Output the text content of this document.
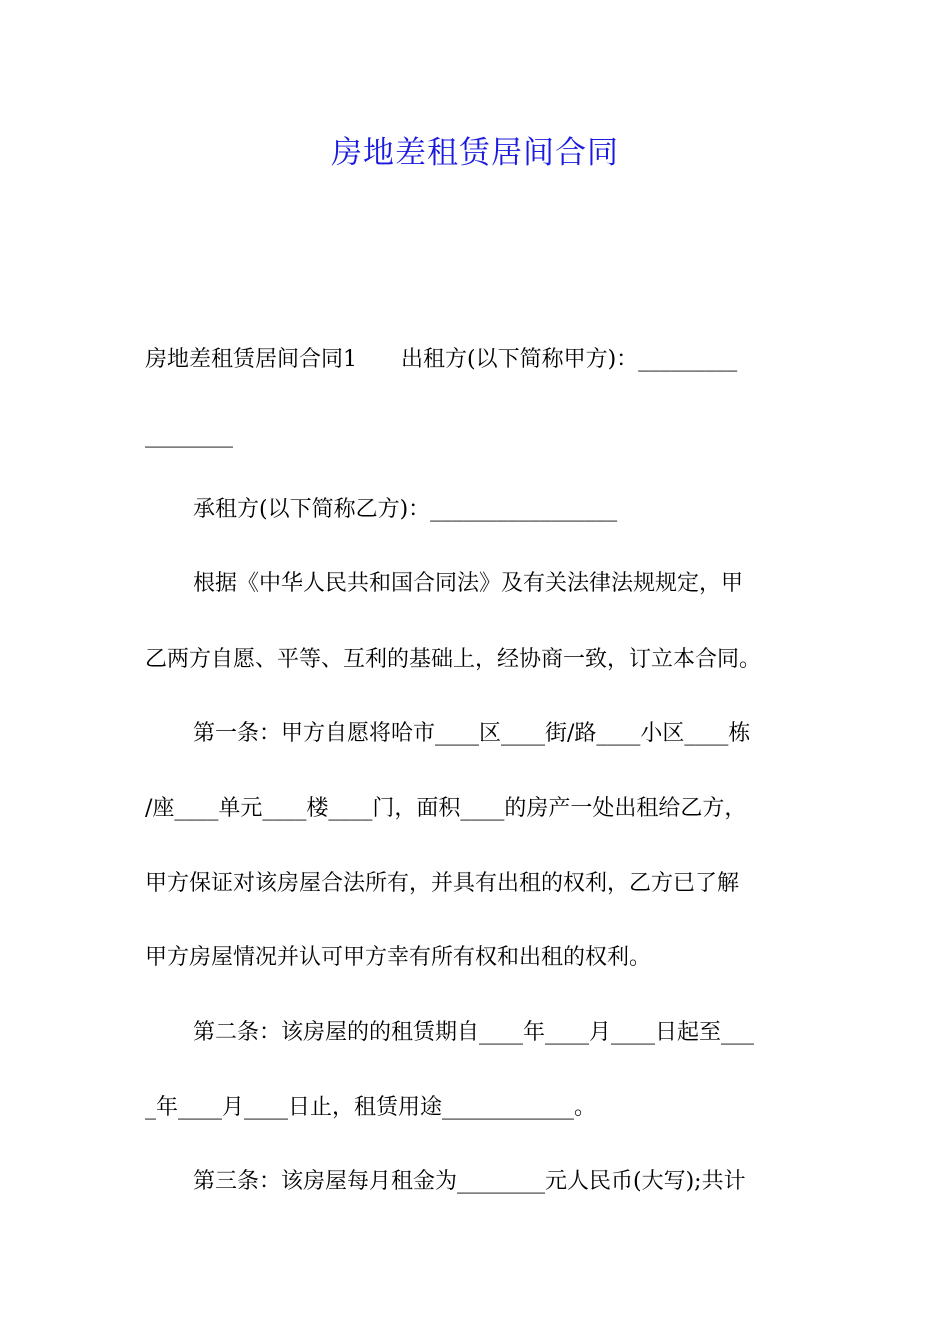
房地差租赁居间合同
房地差租赁居间合同1　　出租方(以下简称甲方)：_________
________
承租方(以下简称乙方)：_________________
根据《中华人民共和国合同法》及有关法律法规规定，甲
乙两方自愿、平等、互利的基础上，经协商一致，订立本合同。
第一条：甲方自愿将哈市____区____街/路____小区____栋
/座____单元____楼____门，面积____的房产一处出租给乙方，
甲方保证对该房屋合法所有，并具有出租的权利，乙方已了解
甲方房屋情况并认可甲方幸有所有权和出租的权利。
第二条：该房屋的的租赁期自____年____月____日起至___
_年____月____日止，租赁用途____________。
第三条：该房屋每月租金为________元人民币(大写);共计
